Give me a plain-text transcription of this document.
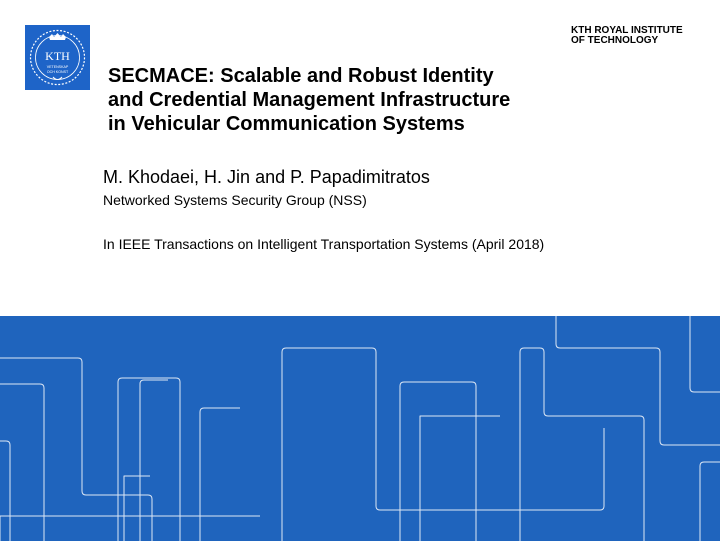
KTH
VETENSKAP
OCH KONST
KTH ROYAL INSTITUTE
OF TECHNOLOGY
SECMACE: Scalable and Robust Identity
and Credential Management Infrastructure
in Vehicular Communication Systems
M. Khodaei, H. Jin and P. Papadimitratos
Networked Systems Security Group (NSS)
In IEEE Transactions on Intelligent Transportation Systems (April 2018)
